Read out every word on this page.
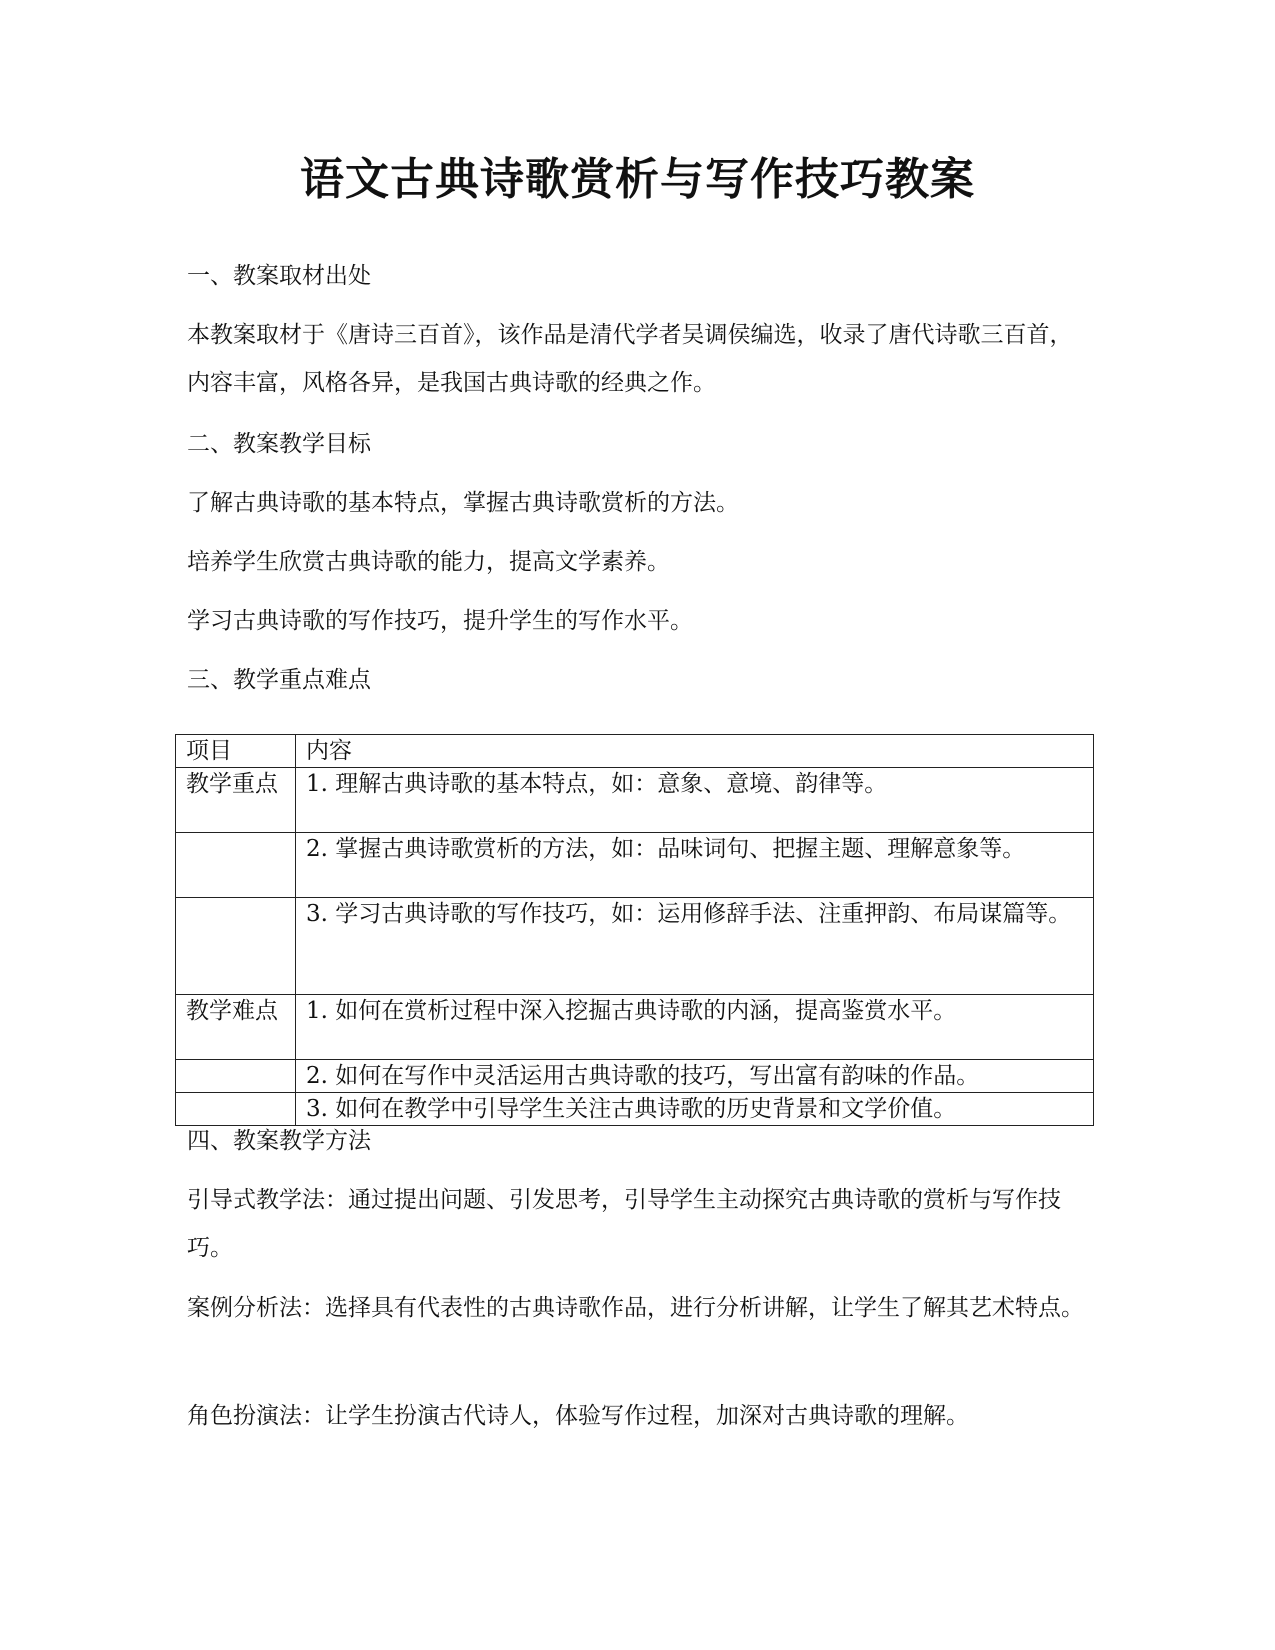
语文古典诗歌赏析与写作技巧教案
一、教案取材出处
本教案取材于《唐诗三百首》，该作品是清代学者吴调侯编选，收录了唐代诗歌三百首，内容丰富，风格各异，是我国古典诗歌的经典之作。
二、教案教学目标
了解古典诗歌的基本特点，掌握古典诗歌赏析的方法。
培养学生欣赏古典诗歌的能力，提高文学素养。
学习古典诗歌的写作技巧，提升学生的写作水平。
三、教学重点难点
项目	内容
教学重点	1. 理解古典诗歌的基本特点，如：意象、意境、韵律等。
	2. 掌握古典诗歌赏析的方法，如：品味词句、把握主题、理解意象等。
	3. 学习古典诗歌的写作技巧，如：运用修辞手法、注重押韵、布局谋篇等。
教学难点	1. 如何在赏析过程中深入挖掘古典诗歌的内涵，提高鉴赏水平。
	2. 如何在写作中灵活运用古典诗歌的技巧，写出富有韵味的作品。
	3. 如何在教学中引导学生关注古典诗歌的历史背景和文学价值。
四、教案教学方法
引导式教学法：通过提出问题、引发思考，引导学生主动探究古典诗歌的赏析与写作技巧。
案例分析法：选择具有代表性的古典诗歌作品，进行分析讲解，让学生了解其艺术特点。
角色扮演法：让学生扮演古代诗人，体验写作过程，加深对古典诗歌的理解。
